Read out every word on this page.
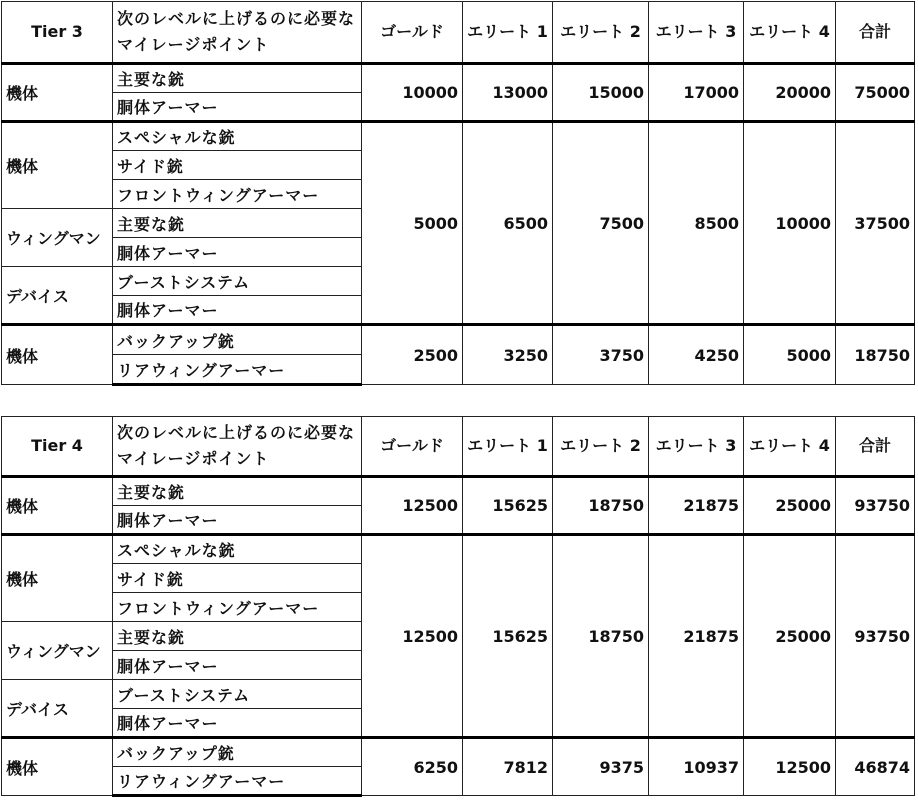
Tier 3	次のレベルに上げるのに必要なマイレージポイント	ゴールド	エリート 1	エリート 2	エリート 3	エリート 4	合計
機体	主要な銃	10000	13000	15000	17000	20000	75000
	胴体アーマー						
機体	スペシャルな銃	5000	6500	7500	8500	10000	37500
	サイド銃						
	フロントウィングアーマー						
ウィングマン	主要な銃						
	胴体アーマー						
デバイス	ブーストシステム						
	胴体アーマー						
機体	バックアップ銃	2500	3250	3750	4250	5000	18750
	リアウィングアーマー						
Tier 4	次のレベルに上げるのに必要なマイレージポイント	ゴールド	エリート 1	エリート 2	エリート 3	エリート 4	合計
機体	主要な銃	12500	15625	18750	21875	25000	93750
	胴体アーマー						
機体	スペシャルな銃	12500	15625	18750	21875	25000	93750
	サイド銃						
	フロントウィングアーマー						
ウィングマン	主要な銃						
	胴体アーマー						
デバイス	ブーストシステム						
	胴体アーマー						
機体	バックアップ銃	6250	7812	9375	10937	12500	46874
	リアウィングアーマー						
